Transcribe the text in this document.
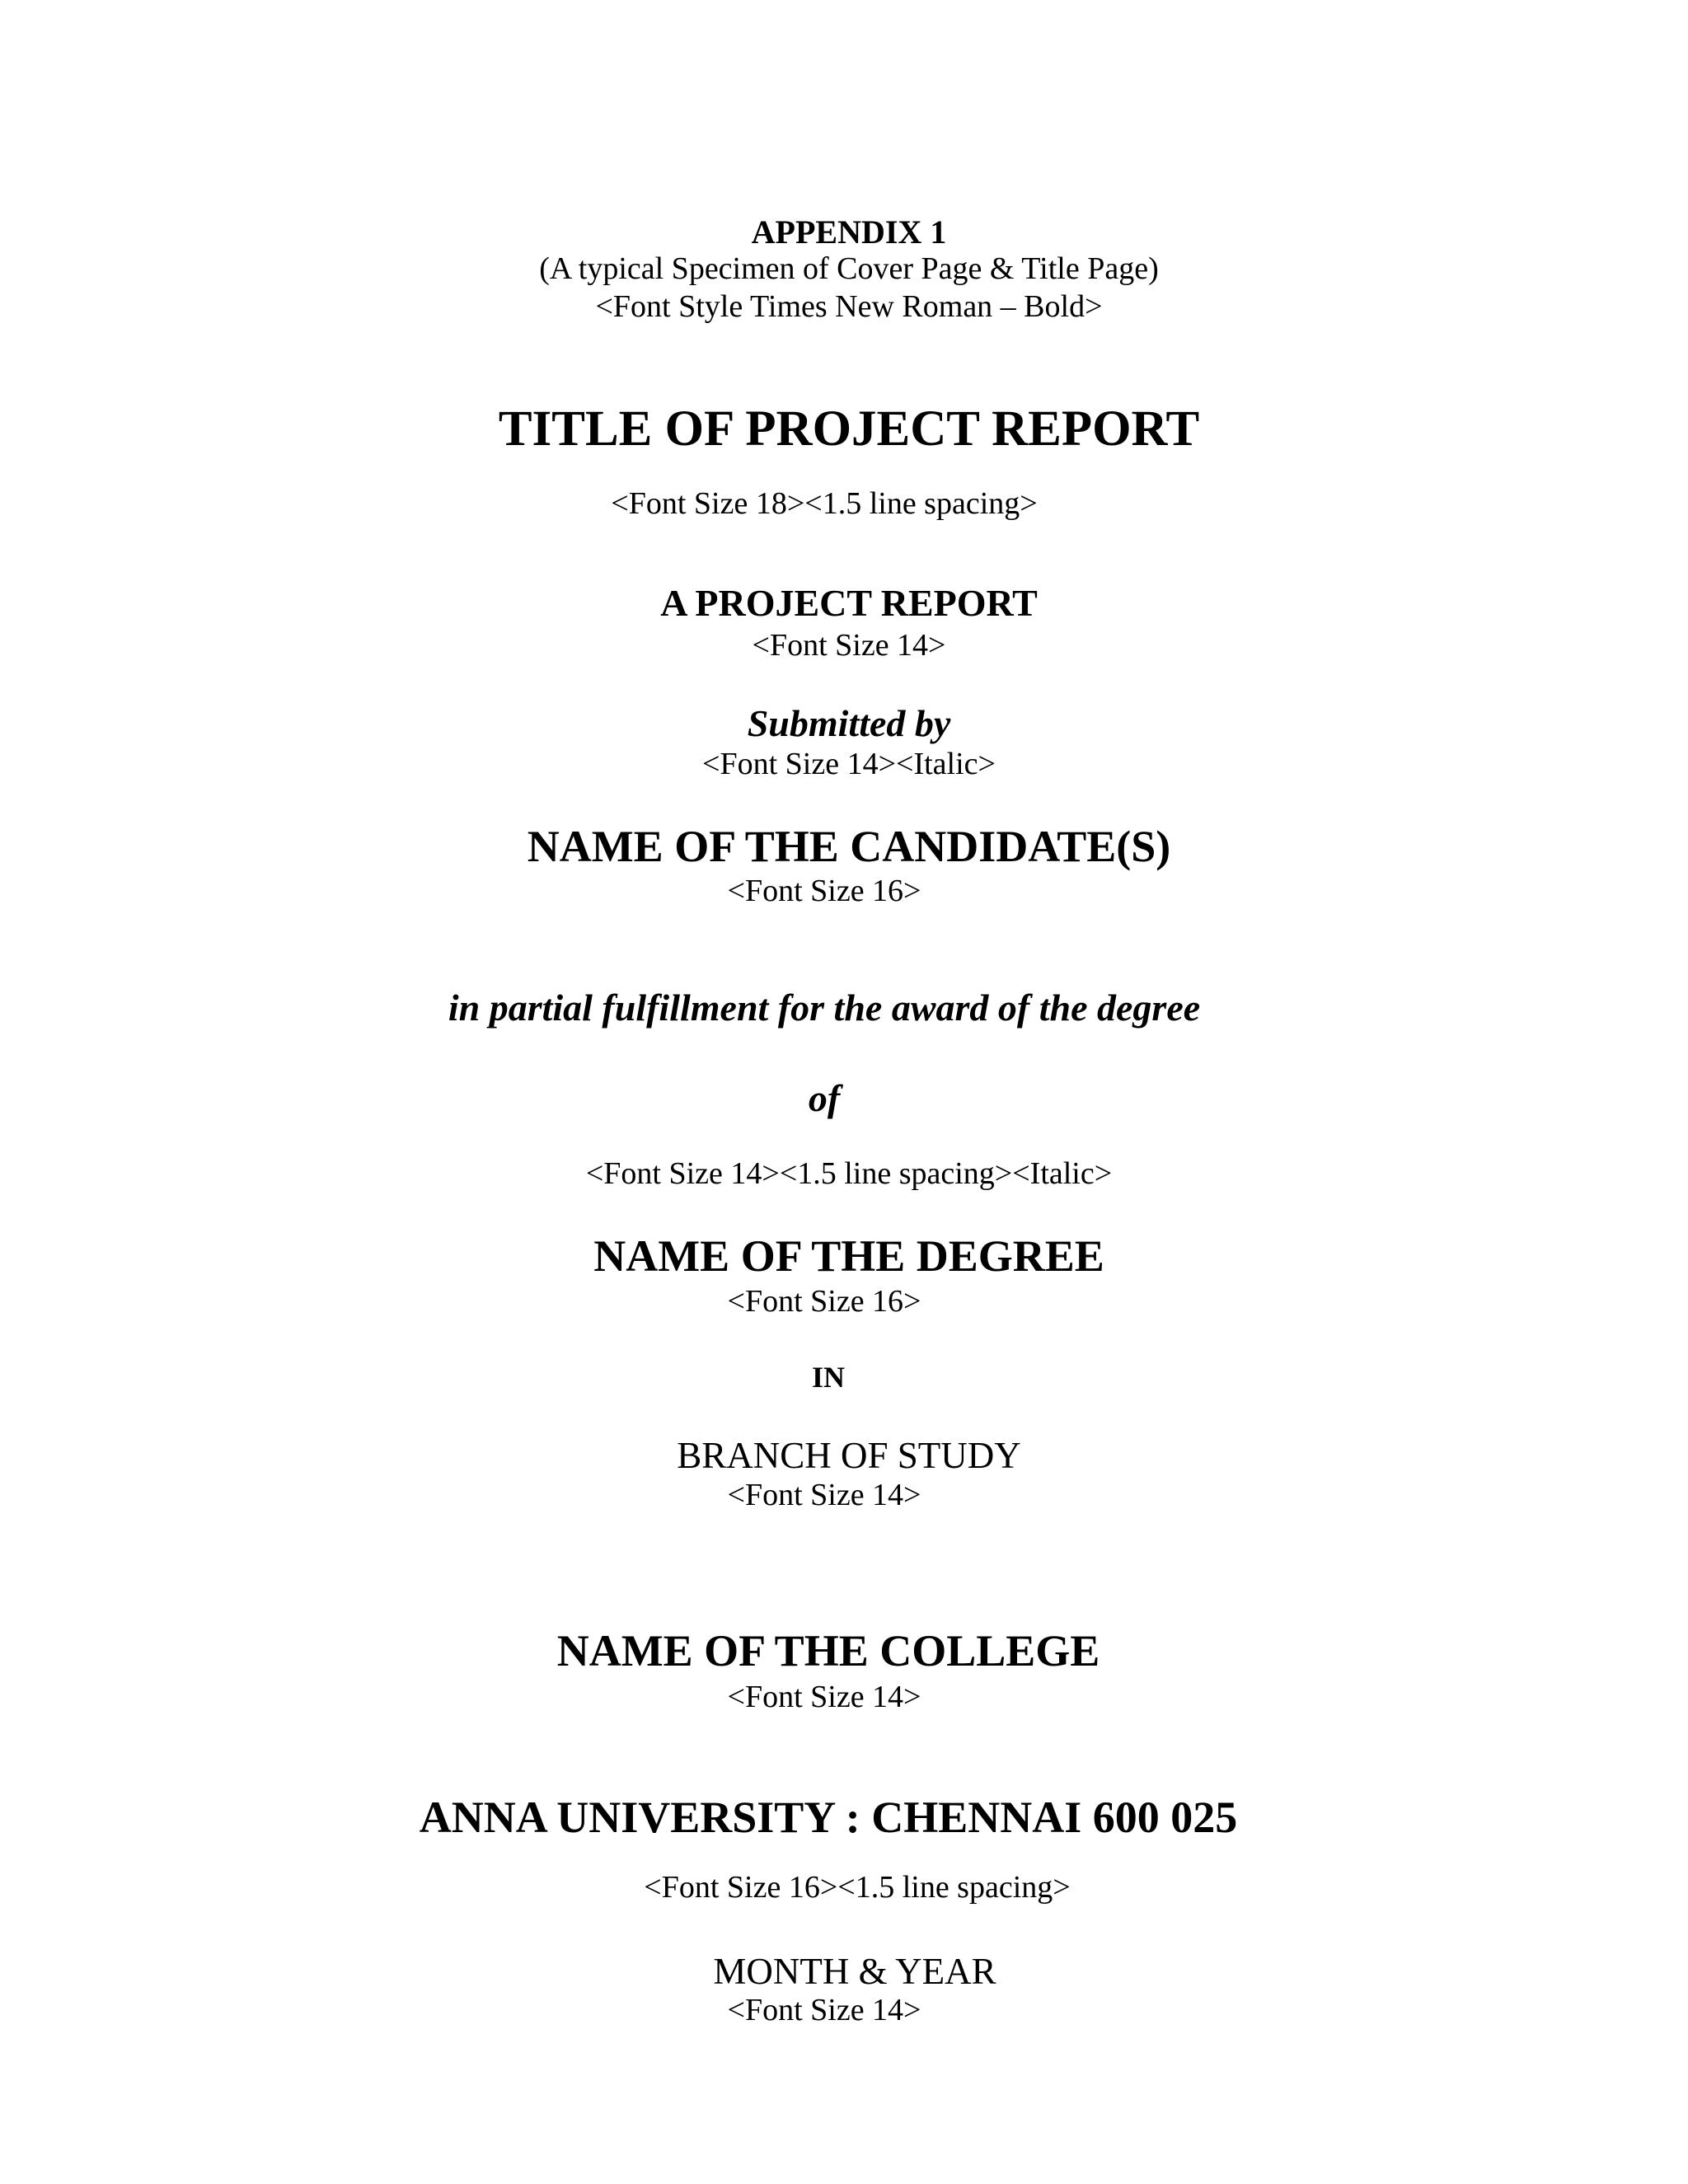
APPENDIX 1
(A typical Specimen of Cover Page & Title Page)
<Font Style Times New Roman – Bold>
TITLE OF PROJECT REPORT
<Font Size 18><1.5 line spacing>
A PROJECT REPORT
<Font Size 14>
Submitted by
<Font Size 14><Italic>
NAME OF THE CANDIDATE(S)
<Font Size 16>
in partial fulfillment for the award of the degree
of
<Font Size 14><1.5 line spacing><Italic>
NAME OF THE DEGREE
<Font Size 16>
IN
BRANCH OF STUDY
<Font Size 14>
NAME OF THE COLLEGE
<Font Size 14>
ANNA UNIVERSITY : CHENNAI 600 025
<Font Size 16><1.5 line spacing>
MONTH & YEAR
<Font Size 14>
